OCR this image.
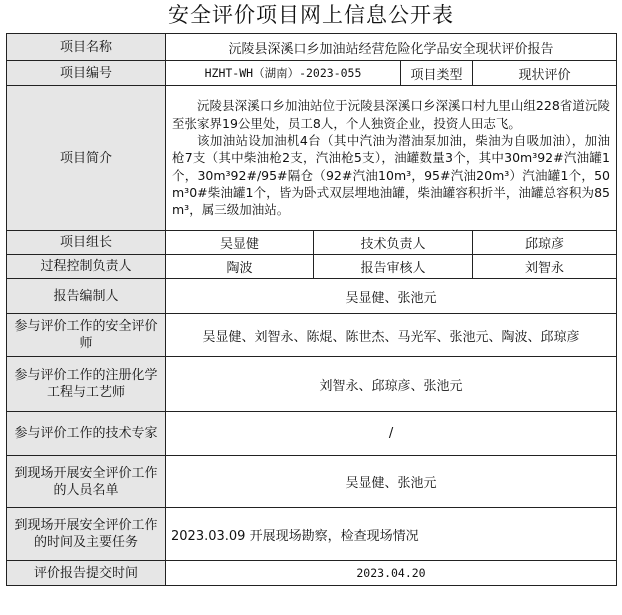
安全评价项目网上信息公开表
项目名称	沅陵县深溪口乡加油站经营危险化学品安全现状评价报告			
项目编号	HZHT-WH（湖南）-2023-055		项目类型	现状评价
项目简介	沅陵县深溪口乡加油站位于沅陵县深溪口乡深溪口村九里山组228省道沅陵至张家界19公里处，员工8人，个人独资企业，投资人田志飞。

该加油站设加油机4台（其中汽油为潜油泵加油，柴油为自吸加油），加油枪7支（其中柴油枪2支，汽油枪5支），油罐数量3个，其中30m³92#汽油罐1个，30m³92#/95#隔仓（92#汽油10m³，95#汽油20m³）汽油罐1个，50m³0#柴油罐1个，皆为卧式双层埋地油罐，柴油罐容积折半，油罐总容积为85m³，属三级加油站。			

项目组长	吴显健	技术负责人		邱琼彦
过程控制负责人	陶波	报告审核人		刘智永
报告编制人	吴显健、张池元			
参与评价工作的安全评价师	吴显健、刘智永、陈焜、陈世杰、马光军、张池元、陶波、邱琼彦			
参与评价工作的注册化学工程与工艺师	刘智永、邱琼彦、张池元			
参与评价工作的技术专家	/			
到现场开展安全评价工作的人员名单	吴显健、张池元			
到现场开展安全评价工作的时间及主要任务	2023.03.09 开展现场勘察，检查现场情况			
评价报告提交时间	2023.04.20			
